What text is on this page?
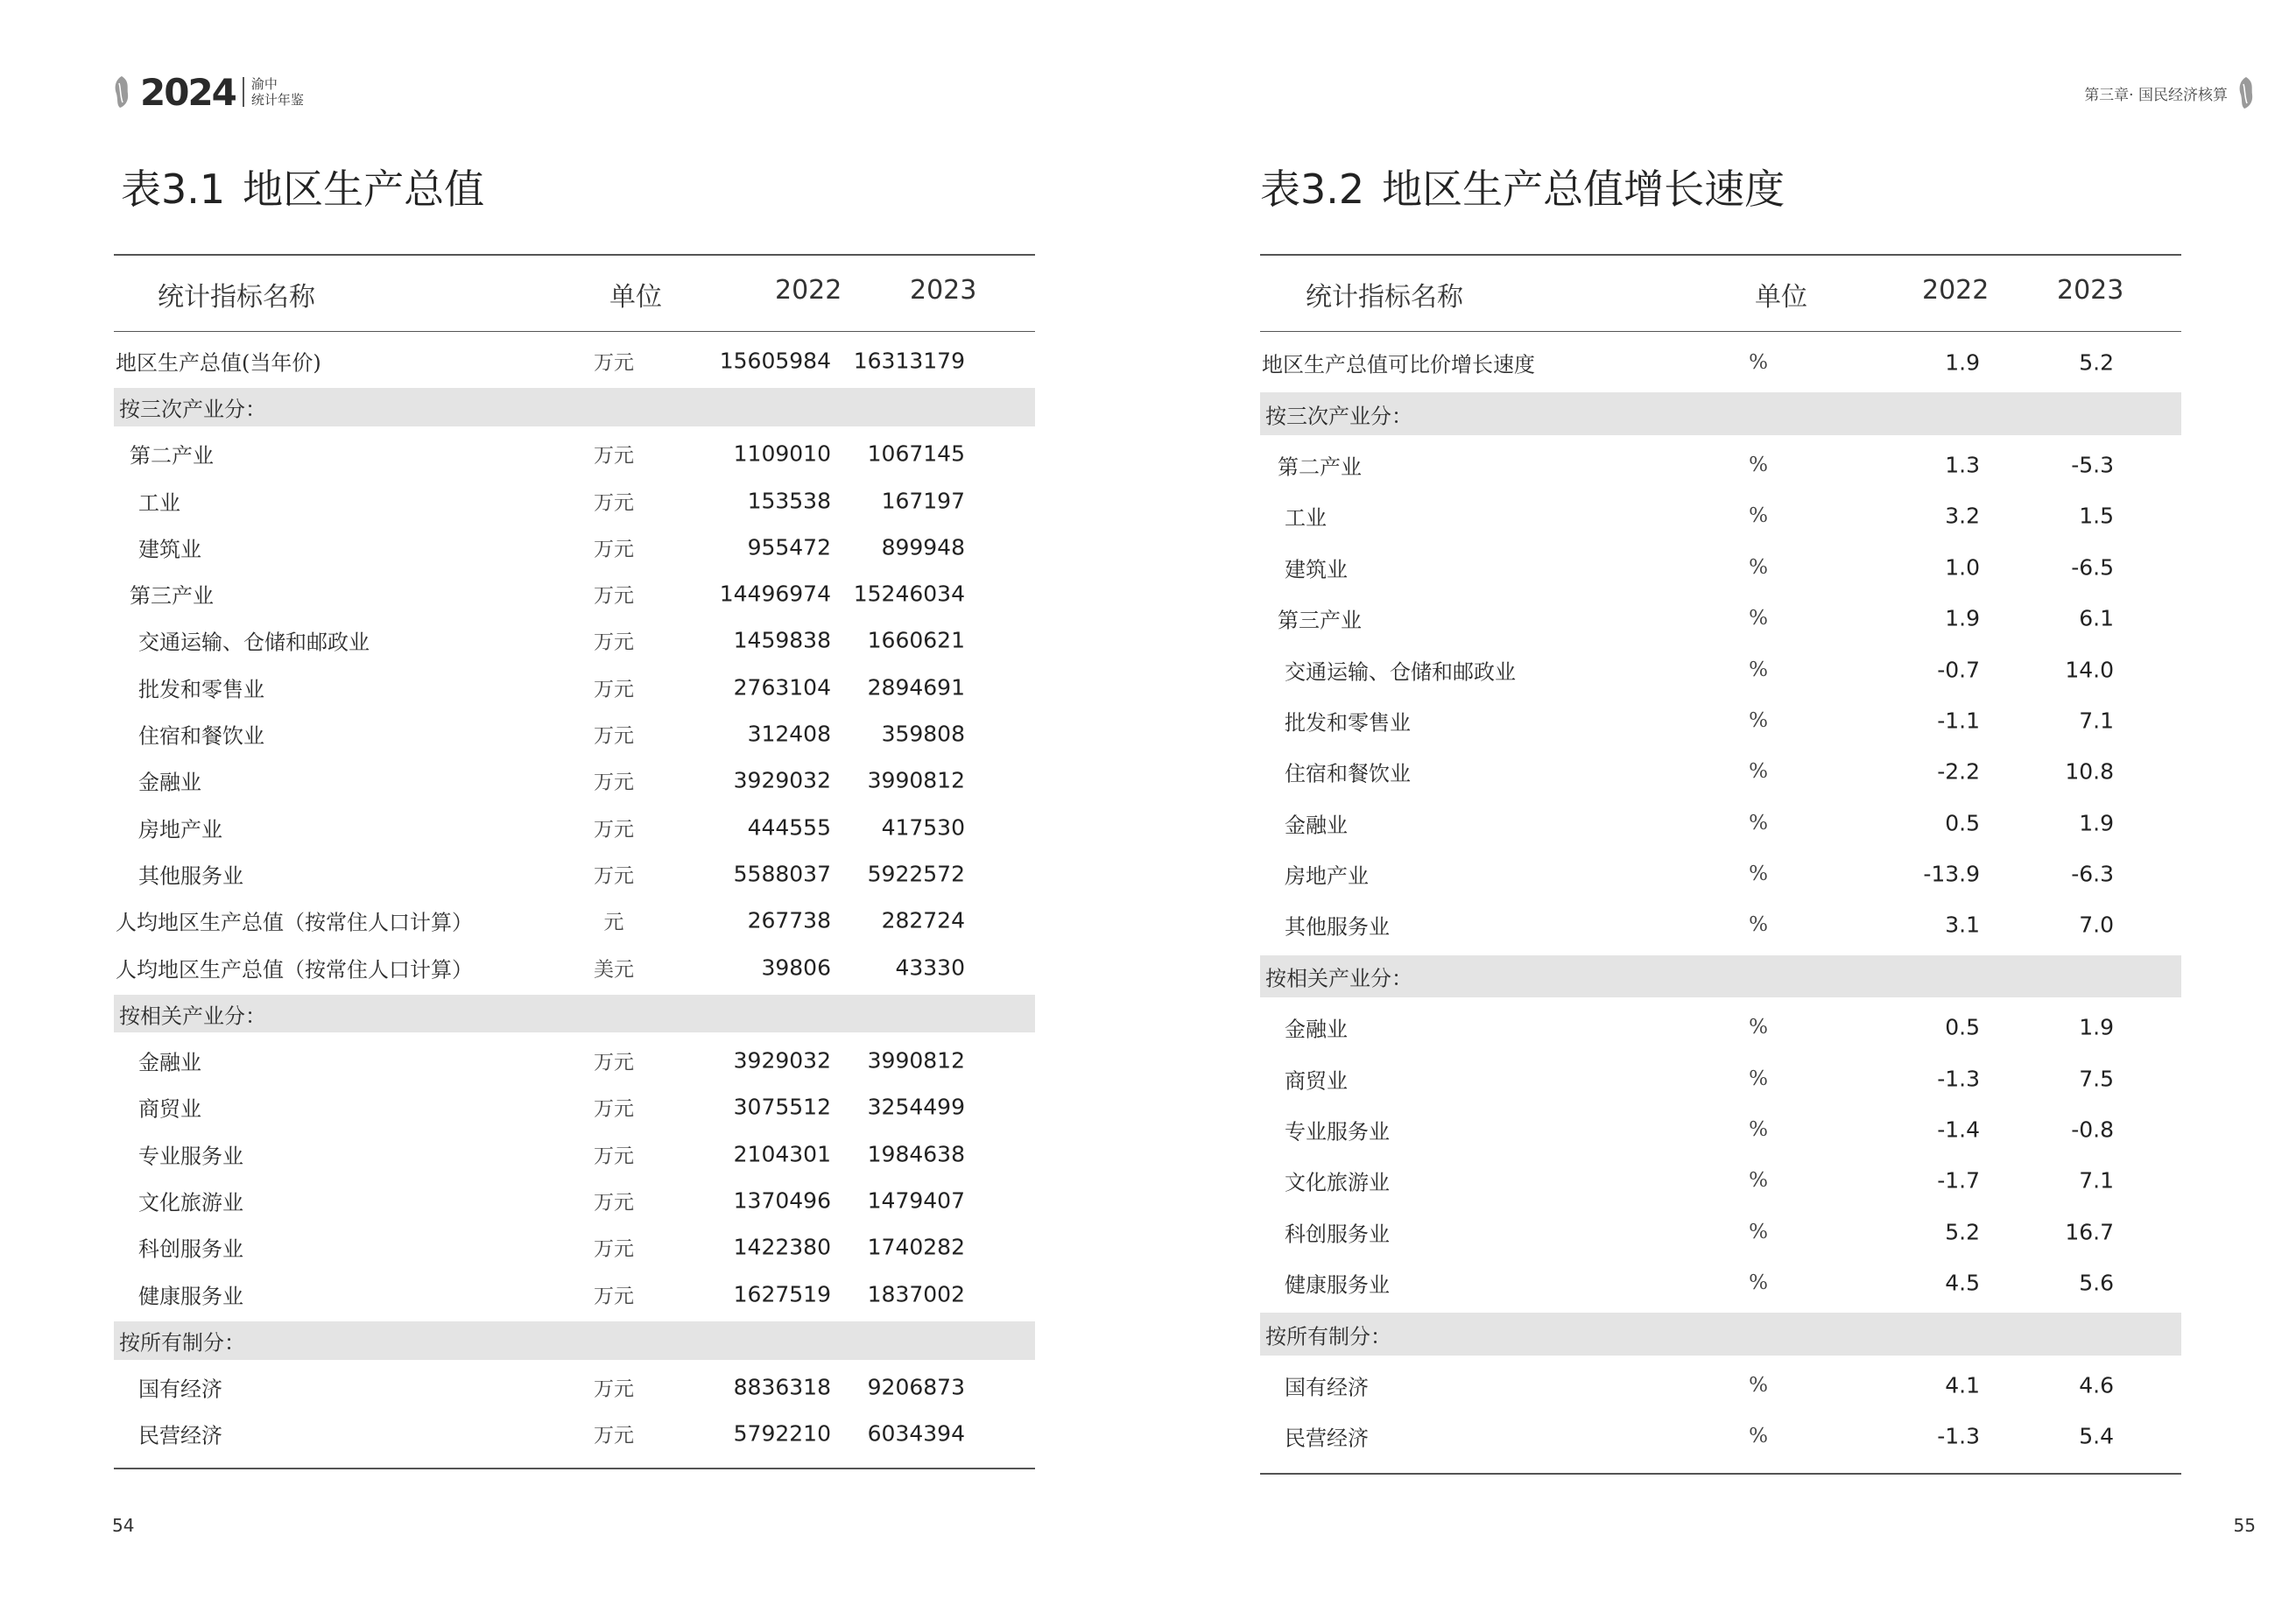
2024 渝中
统计年鉴
表3.1 地区生产总值
统计指标名称	单位	2022	2023
地区生产总值(当年价)	万元	15605984 16313179
按三次产业分：
第二产业	万元	1109010 1067145
工业	万元	153538 167197
建筑业	万元	955472 899948
第三产业	万元	14496974 15246034
交通运输、仓储和邮政业	万元	1459838 1660621
批发和零售业	万元	2763104 2894691
住宿和餐饮业	万元	312408 359808
金融业	万元	3929032 3990812
房地产业	万元	444555 417530
其他服务业	万元	5588037 5922572
人均地区生产总值（按常住人口计算）	元	267738 282724
人均地区生产总值（按常住人口计算）	美元	39806	43330
按相关产业分：
金融业	万元	3929032 3990812
商贸业	万元	3075512 3254499
专业服务业	万元	2104301 1984638
文化旅游业	万元	1370496 1479407
科创服务业	万元	1422380 1740282
健康服务业	万元	1627519 1837002
按所有制分：
国有经济	万元	8836318 9206873
民营经济	万元	5792210 6034394
54
第三章· 国民经济核算
表3.2 地区生产总值增长速度
统计指标名称	单位	2022	2023
地区生产总值可比价增长速度	%	1.9	5.2
按三次产业分：
第二产业	%	1.3	-5.3
工业	%	3.2	1.5
建筑业	%	1.0	-6.5
第三产业	%	1.9	6.1
交通运输、仓储和邮政业	%	-0.7	14.0
批发和零售业	%	-1.1	7.1
住宿和餐饮业	%	-2.2	10.8
金融业	%	0.5	1.9
房地产业	%	-13.9	-6.3
其他服务业	%	3.1	7.0
按相关产业分：
金融业	%	0.5	1.9
商贸业	%	-1.3	7.5
专业服务业	%	-1.4	-0.8
文化旅游业	%	-1.7	7.1
科创服务业	%	5.2	16.7
健康服务业	%	4.5	5.6
按所有制分：
国有经济	%	4.1	4.6
民营经济	%	-1.3	5.4
55
